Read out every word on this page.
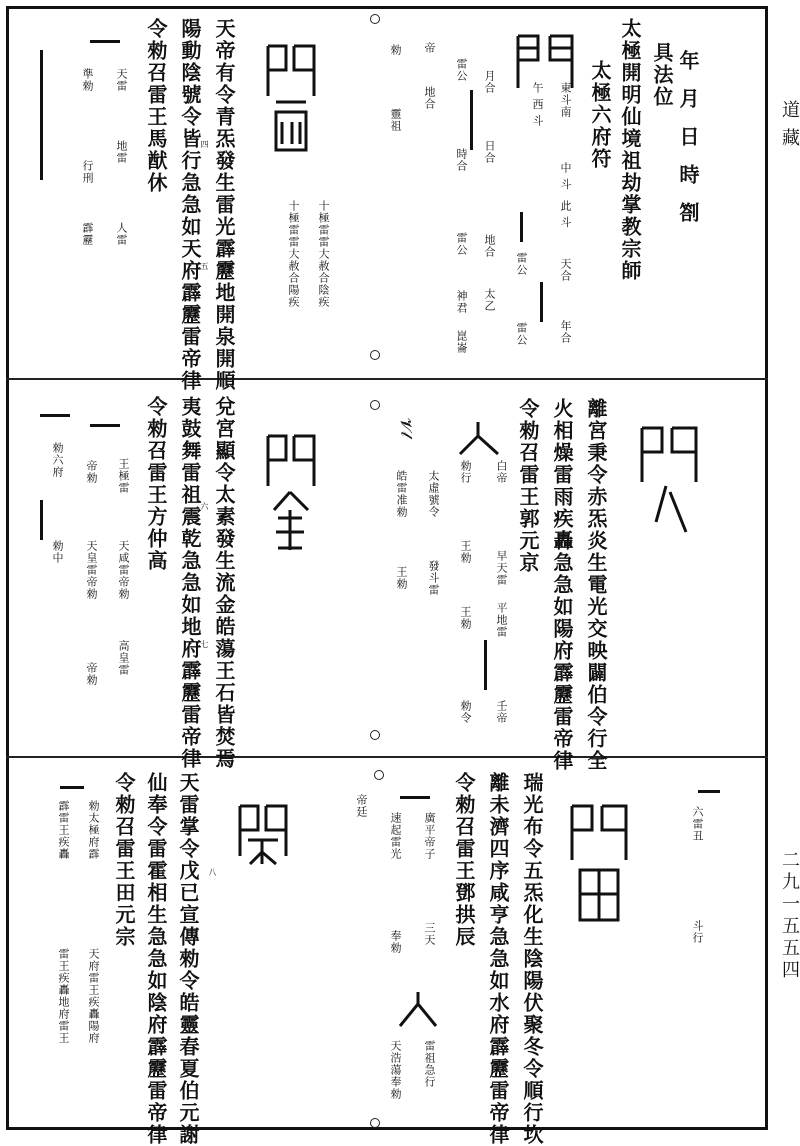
道藏
二九一五五四
年月日時劄
具法位
太極開明仙境祖劫掌教宗師
太極六府符
東斗南
午 西 斗
中 斗
此 斗
天合
雷公
年合
雷公
月合
日合
雷公
時合
雷公
太乙
地合
神君
崑崙
帝
地合
勑
靈祖
十極雷雷大赦合陰疾
十極雷雷大赦合陽疾
天帝有令青炁發生雷光霹靂地開泉開順
陽動陰號令皆行急急如天府霹靂雷帝律
令勑召雷王馬猷休	四
五
天雷
地雷
人雷
準勑
行刑
霹靂
離宮秉令赤炁炎生電光交映闢伯令行全
火相燥雷雨疾轟急急如陽府霹靂雷帝律
令勑召雷王郭元京
白帝
早天雷
平地雷
壬帝
勑行
王勑
王勑
勑令
𝓥𝓁
太虛號令
發斗雷
皓雷准勑
王勑
兌宮顯令太素發生流金皓蕩王石皆焚焉
夷鼓舞雷祖震乾急急如地府霹靂雷帝律
令勑召雷王方仲高	六
七
王極雷
天咸雷帝勑
高皇雷
帝勑
天皇雷帝勑
帝勑
勑六府
勑中
六雷丑
斗行
瑞光布令五炁化生陰陽伏聚冬令順行坎
離未濟四序咸亨急急如水府霹靂雷帝律
令勑召雷王鄧拱辰
帝廷
廣平帝子
三天
速起雷光
奉勑
雷祖急行
天浩蕩奉勑
天雷掌令戊已宣傳勑令皓靈春夏伯元謝
仙奉令雷霍相生急急如陰府霹靂雷帝律
令勑召雷王田元宗	八
勑太極府霹
霹雷王疾轟
天府雷王疾轟陽府
雷王疾轟地府雷王
